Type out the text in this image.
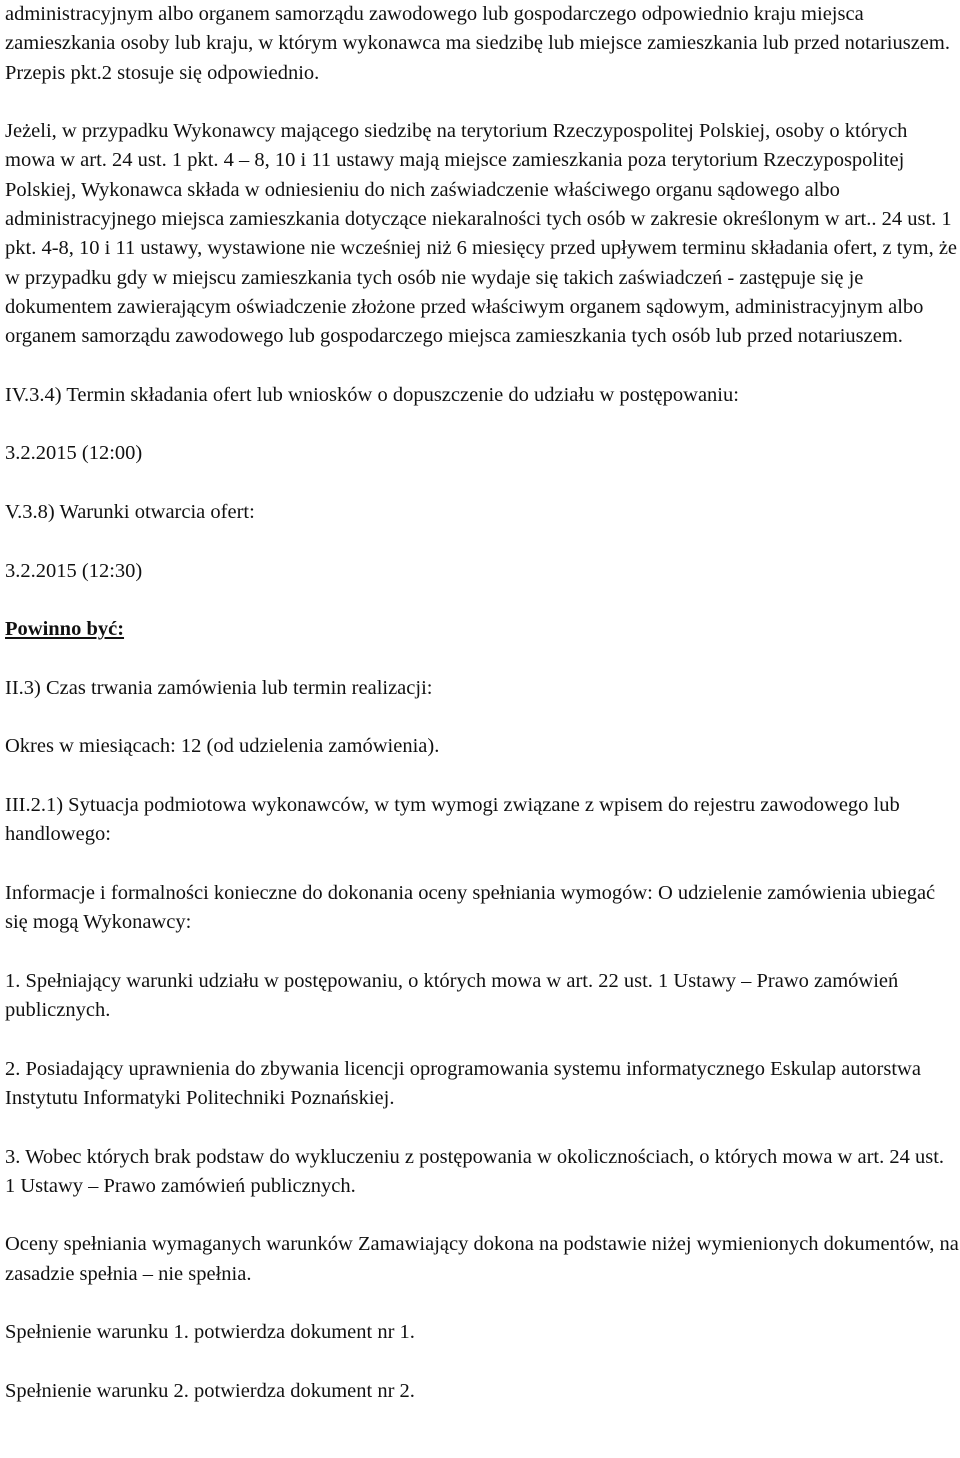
administracyjnym albo organem samorządu zawodowego lub gospodarczego odpowiednio kraju miejsca zamieszkania osoby lub kraju, w którym wykonawca ma siedzibę lub miejsce zamieszkania lub przed notariuszem. Przepis pkt.2 stosuje się odpowiednio.

Jeżeli, w przypadku Wykonawcy mającego siedzibę na terytorium Rzeczypospolitej Polskiej, osoby o których mowa w art. 24 ust. 1 pkt. 4 – 8, 10 i 11 ustawy mają miejsce zamieszkania poza terytorium Rzeczypospolitej Polskiej, Wykonawca składa w odniesieniu do nich zaświadczenie właściwego organu sądowego albo administracyjnego miejsca zamieszkania dotyczące niekaralności tych osób w zakresie określonym w art.. 24 ust. 1 pkt. 4-8, 10 i 11 ustawy, wystawione nie wcześniej niż 6 miesięcy przed upływem terminu składania ofert, z tym, że w przypadku gdy w miejscu zamieszkania tych osób nie wydaje się takich zaświadczeń - zastępuje się je dokumentem zawierającym oświadczenie złożone przed właściwym organem sądowym, administracyjnym albo organem samorządu zawodowego lub gospodarczego miejsca zamieszkania tych osób lub przed notariuszem.

IV.3.4) Termin składania ofert lub wniosków o dopuszczenie do udziału w postępowaniu:

3.2.2015 (12:00)

V.3.8) Warunki otwarcia ofert:

3.2.2015 (12:30)

Powinno być:

II.3) Czas trwania zamówienia lub termin realizacji:

Okres w miesiącach: 12 (od udzielenia zamówienia).

III.2.1) Sytuacja podmiotowa wykonawców, w tym wymogi związane z wpisem do rejestru zawodowego lub handlowego:

Informacje i formalności konieczne do dokonania oceny spełniania wymogów: O udzielenie zamówienia ubiegać się mogą Wykonawcy:

1. Spełniający warunki udziału w postępowaniu, o których mowa w art. 22 ust. 1 Ustawy – Prawo zamówień publicznych.

2. Posiadający uprawnienia do zbywania licencji oprogramowania systemu informatycznego Eskulap autorstwa Instytutu Informatyki Politechniki Poznańskiej.

3. Wobec których brak podstaw do wykluczeniu z postępowania w okolicznościach, o których mowa w art. 24 ust. 1 Ustawy – Prawo zamówień publicznych.

Oceny spełniania wymaganych warunków Zamawiający dokona na podstawie niżej wymienionych dokumentów, na zasadzie spełnia – nie spełnia.

Spełnienie warunku 1. potwierdza dokument nr 1.

Spełnienie warunku 2. potwierdza dokument nr 2.
